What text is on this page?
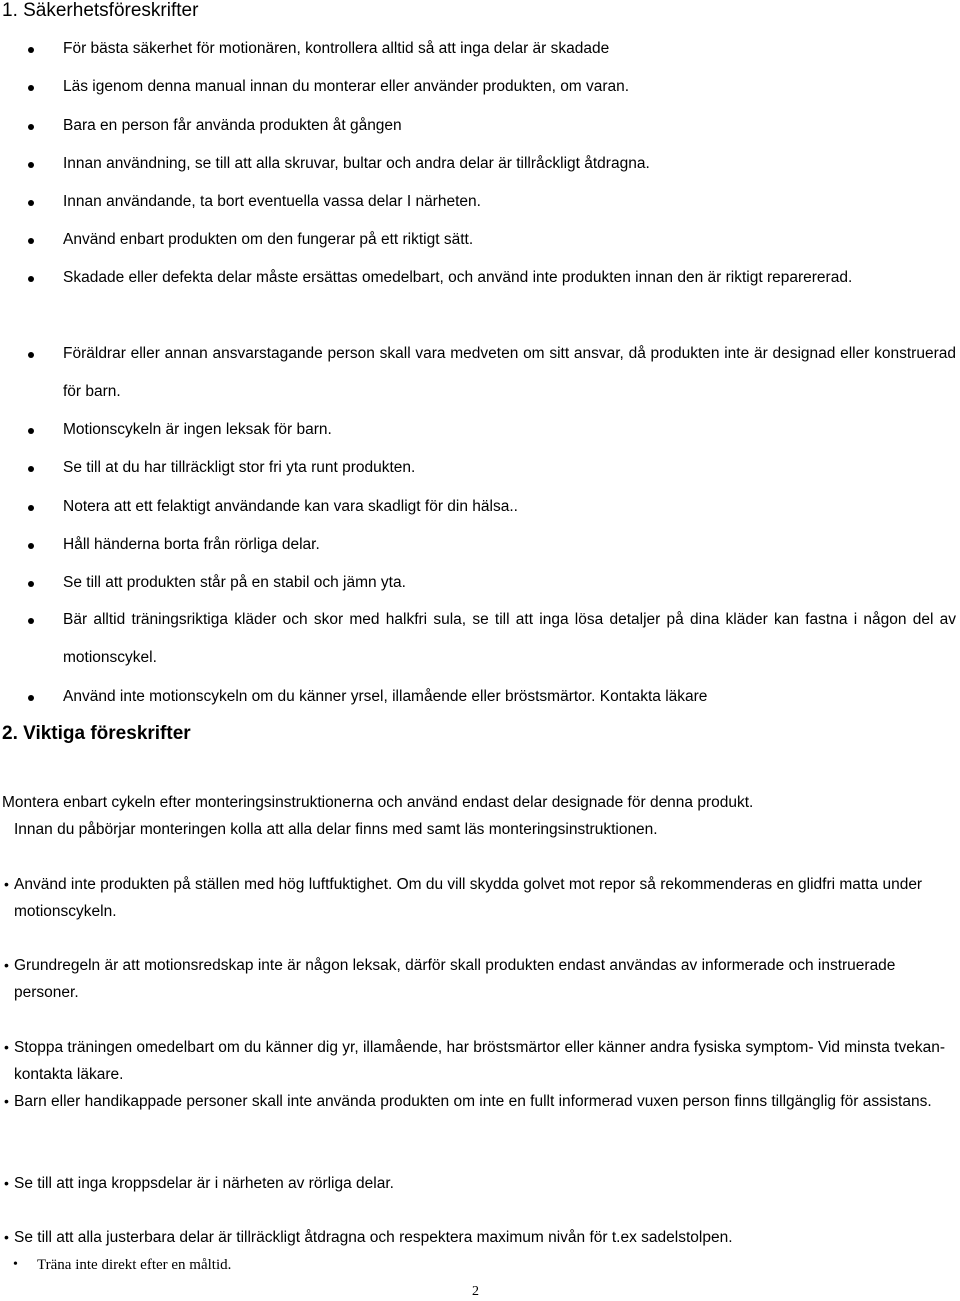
1. Säkerhetsföreskrifter
För bästa säkerhet för motionären, kontrollera alltid så att inga delar är skadade
Läs igenom denna manual innan du monterar eller använder produkten, om varan.
Bara en person får använda produkten åt gången
Innan användning, se till att alla skruvar, bultar och andra delar är tillråckligt åtdragna.
Innan användande, ta bort eventuella vassa delar I närheten.
Använd enbart produkten om den fungerar på ett riktigt sätt.
Skadade eller defekta delar måste ersättas omedelbart, och använd inte produkten innan den är riktigt reparererad.
Föräldrar eller annan ansvarstagande person skall vara medveten om sitt ansvar, då produkten inte är designad eller konstruerad för barn.
Motionscykeln är ingen leksak för barn.
Se till at du har tillräckligt stor fri yta runt produkten.
Notera att ett felaktigt användande kan vara skadligt för din hälsa..
Håll händerna borta från rörliga delar.
Se till att produkten står på en stabil och jämn yta.
Bär alltid träningsriktiga kläder och skor med halkfri sula, se till att inga lösa detaljer på dina kläder kan fastna i någon del av motionscykel.
Använd inte motionscykeln om du känner yrsel, illamående eller bröstsmärtor. Kontakta läkare
2. Viktiga föreskrifter
Montera enbart cykeln efter monteringsinstruktionerna och använd endast delar designade för denna produkt.
Innan du påbörjar monteringen kolla att alla delar finns med samt läs monteringsinstruktionen.
• Använd inte produkten på ställen med hög luftfuktighet. Om du vill skydda golvet mot repor så rekommenderas en glidfri matta under motionscykeln.
• Grundregeln är att motionsredskap inte är någon leksak, därför skall produkten endast användas av informerade och instruerade personer.
• Stoppa träningen omedelbart om du känner dig yr, illamående, har bröstsmärtor eller känner andra fysiska symptom- Vid minsta tvekan- kontakta läkare.
• Barn eller handikappade personer skall inte använda produkten om inte en fullt informerad vuxen person finns tillgänglig för assistans.
• Se till att inga kroppsdelar är i närheten av rörliga delar.
• Se till att alla justerbara delar är tillräckligt åtdragna och respektera maximum nivån för t.ex sadelstolpen.
•	Träna inte direkt efter en måltid.
2
